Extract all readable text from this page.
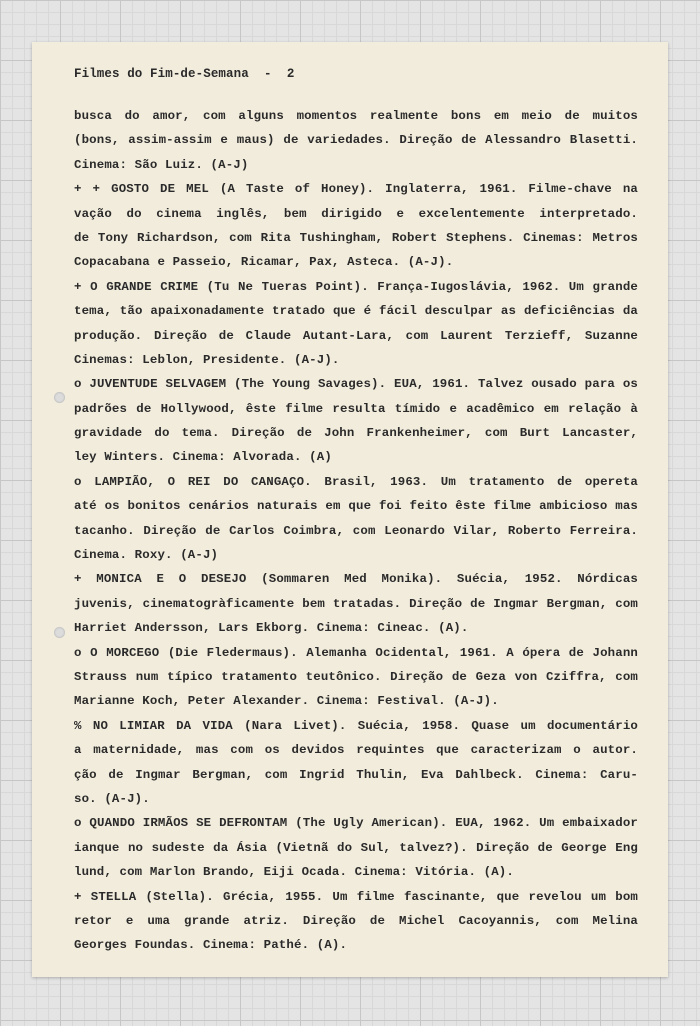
Filmes do Fim-de-Semana  -  2
busca do amor, com alguns momentos realmente bons em meio de muitos
(bons, assim-assim e maus) de variedades. Direção de Alessandro Blasetti.
Cinema: São Luiz. (A-J)
+ + GOSTO DE MEL (A Taste of Honey). Inglaterra, 1961. Filme-chave na
vação do cinema inglês, bem dirigido e excelentemente interpretado.
de Tony Richardson, com Rita Tushingham, Robert Stephens. Cinemas: Metros
Copacabana e Passeio, Ricamar, Pax, Asteca. (A-J).
+ O GRANDE CRIME (Tu Ne Tueras Point). França-Iugoslávia, 1962. Um grande
tema, tão apaixonadamente tratado que é fácil desculpar as deficiências da
produção. Direção de Claude Autant-Lara, com Laurent Terzieff, Suzanne
Cinemas: Leblon, Presidente. (A-J).
o JUVENTUDE SELVAGEM (The Young Savages). EUA, 1961. Talvez ousado para os
padrões de Hollywood, êste filme resulta tímido e acadêmico em relação à
gravidade do tema. Direção de John Frankenheimer, com Burt Lancaster,
ley Winters. Cinema: Alvorada. (A)
o LAMPIÃO, O REI DO CANGAÇO. Brasil, 1963. Um tratamento de opereta
até os bonitos cenários naturais em que foi feito êste filme ambicioso mas
tacanho. Direção de Carlos Coimbra, com Leonardo Vilar, Roberto Ferreira.
Cinema. Roxy. (A-J)
+ MONICA E O DESEJO (Sommaren Med Monika). Suécia, 1952. Nórdicas
juvenis, cinematogràficamente bem tratadas. Direção de Ingmar Bergman, com
Harriet Andersson, Lars Ekborg. Cinema: Cineac. (A).
o O MORCEGO (Die Fledermaus). Alemanha Ocidental, 1961. A ópera de Johann
Strauss num típico tratamento teutônico. Direção de Geza von Cziffra, com
Marianne Koch, Peter Alexander. Cinema: Festival. (A-J).
% NO LIMIAR DA VIDA (Nara Livet). Suécia, 1958. Quase um documentário
a maternidade, mas com os devidos requintes que caracterizam o autor.
ção de Ingmar Bergman, com Ingrid Thulin, Eva Dahlbeck. Cinema: Caru-
so. (A-J).
o QUANDO IRMÃOS SE DEFRONTAM (The Ugly American). EUA, 1962. Um embaixador
ianque no sudeste da Ásia (Vietnã do Sul, talvez?). Direção de George Eng
lund, com Marlon Brando, Eiji Ocada. Cinema: Vitória. (A).
+ STELLA (Stella). Grécia, 1955. Um filme fascinante, que revelou um bom
retor e uma grande atriz. Direção de Michel Cacoyannis, com Melina
Georges Foundas. Cinema: Pathé. (A).
